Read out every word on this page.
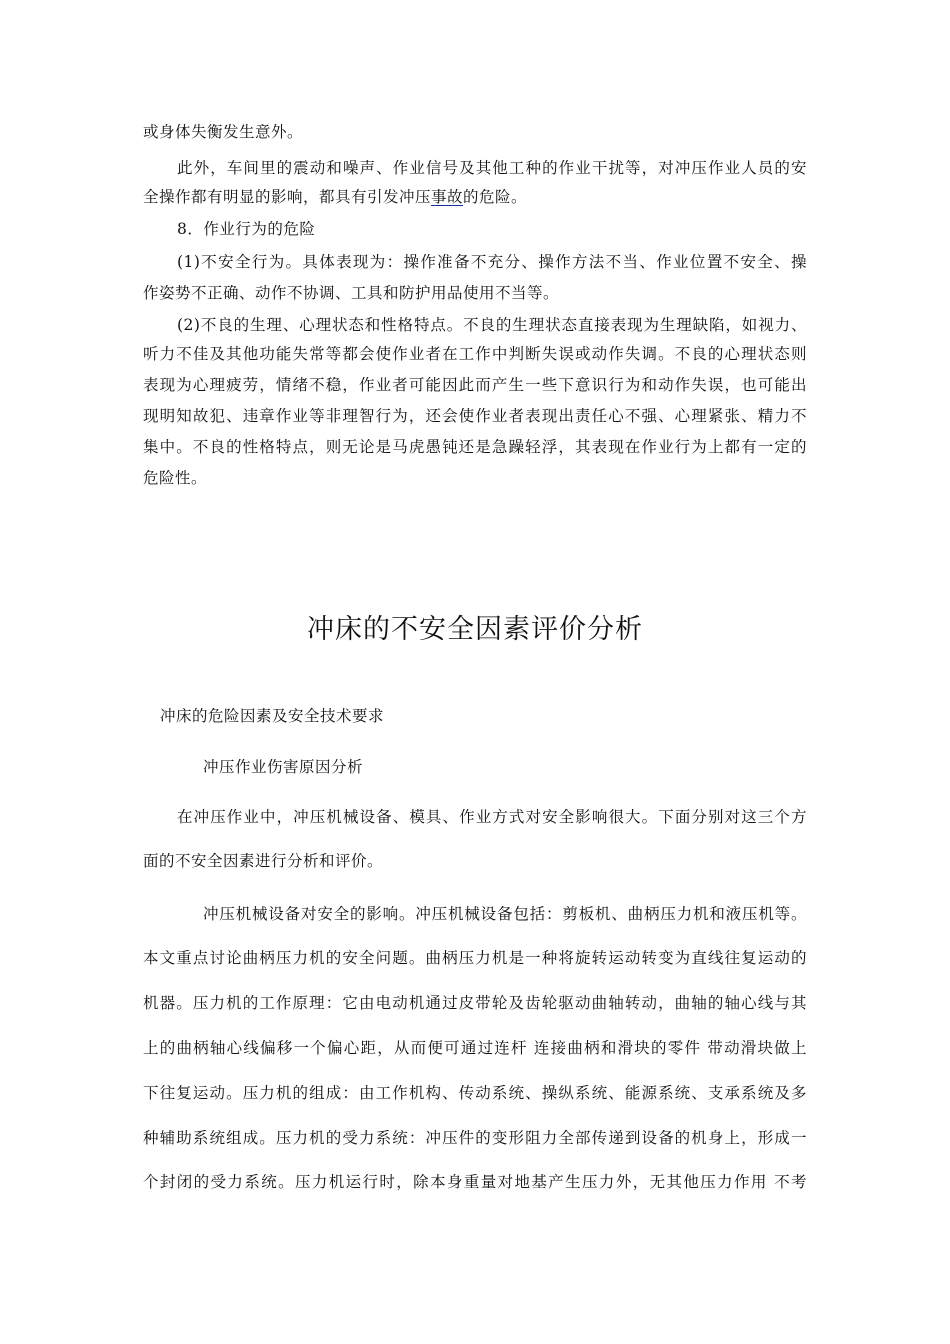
或身体失衡发生意外。
此外，车间里的震动和噪声、作业信号及其他工种的作业干扰等，对冲压作业人员的安
全操作都有明显的影响，都具有引发冲压事故的危险。
8．作业行为的危险
(1)不安全行为。具体表现为：操作准备不充分、操作方法不当、作业位置不安全、操
作姿势不正确、动作不协调、工具和防护用品使用不当等。
(2)不良的生理、心理状态和性格特点。不良的生理状态直接表现为生理缺陷，如视力、
听力不佳及其他功能失常等都会使作业者在工作中判断失误或动作失调。不良的心理状态则
表现为心理疲劳，情绪不稳，作业者可能因此而产生一些下意识行为和动作失误，也可能出
现明知故犯、违章作业等非理智行为，还会使作业者表现出责任心不强、心理紧张、精力不
集中。不良的性格特点，则无论是马虎愚钝还是急躁轻浮，其表现在作业行为上都有一定的
危险性。
冲床的不安全因素评价分析
冲床的危险因素及安全技术要求
冲压作业伤害原因分析
在冲压作业中，冲压机械设备、模具、作业方式对安全影响很大。下面分别对这三个方
面的不安全因素进行分析和评价。
冲压机械设备对安全的影响。冲压机械设备包括：剪板机、曲柄压力机和液压机等。
本文重点讨论曲柄压力机的安全问题。曲柄压力机是一种将旋转运动转变为直线往复运动的
机器。压力机的工作原理：它由电动机通过皮带轮及齿轮驱动曲轴转动，曲轴的轴心线与其
上的曲柄轴心线偏移一个偏心距，从而便可通过连杆 连接曲柄和滑块的零件 带动滑块做上
下往复运动。压力机的组成：由工作机构、传动系统、操纵系统、能源系统、支承系统及多
种辅助系统组成。压力机的受力系统：冲压件的变形阻力全部传递到设备的机身上，形成一
个封闭的受力系统。压力机运行时，除本身重量对地基产生压力外，无其他压力作用 不考
